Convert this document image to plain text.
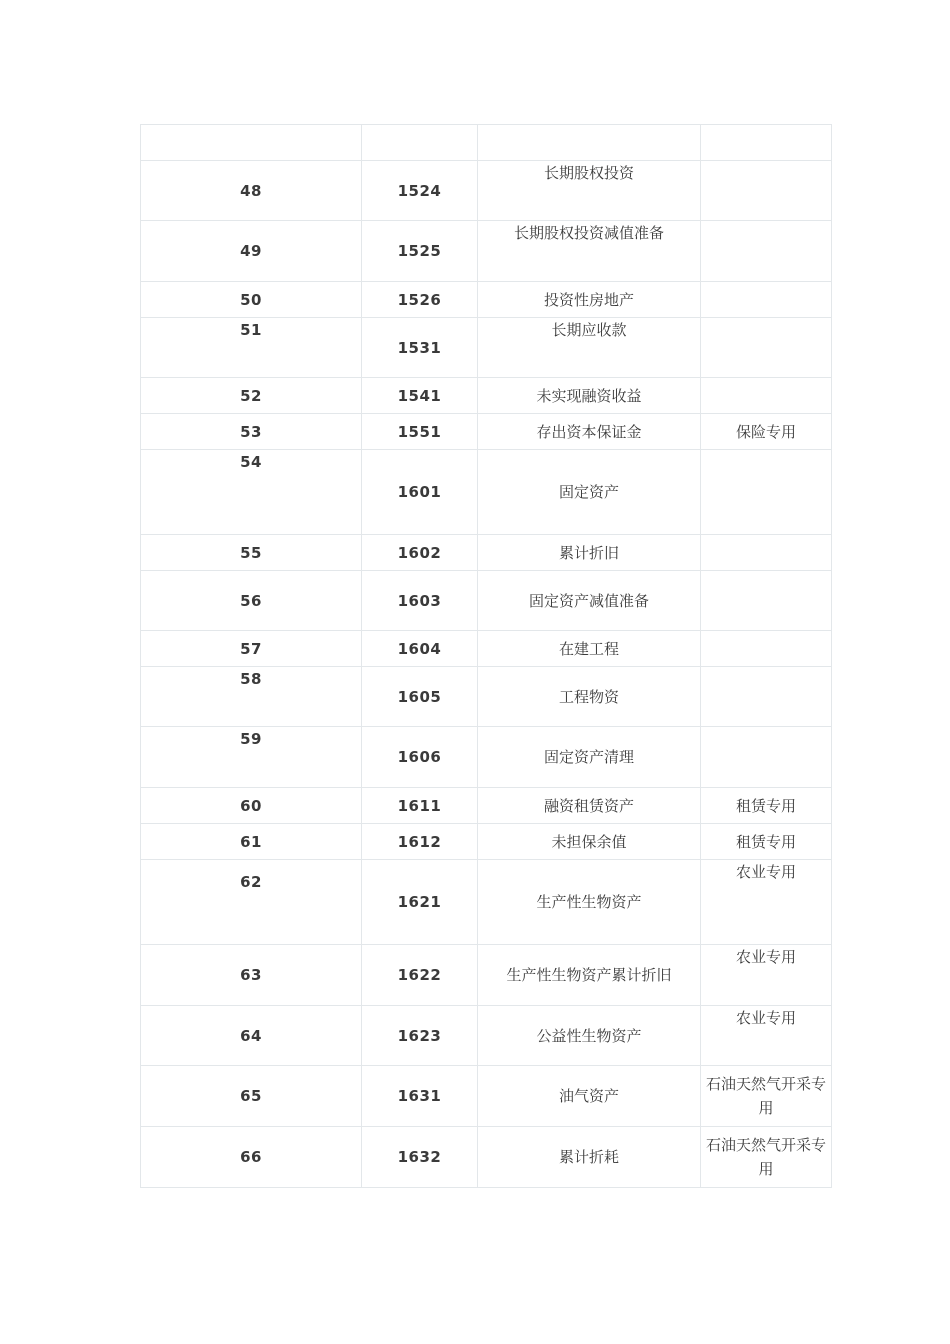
48	1524	长期股权投资	
49	1525	长期股权投资减值准备	
50	1526	投资性房地产	
51	1531	长期应收款	
52	1541	未实现融资收益	
53	1551	存出资本保证金	保险专用
54	1601	固定资产	
55	1602	累计折旧	
56	1603	固定资产减值准备	
57	1604	在建工程	
58	1605	工程物资	
59	1606	固定资产清理	
60	1611	融资租赁资产	租赁专用
61	1612	未担保余值	租赁专用

62	1621	生产性生物资产	农业专用
63	1622	生产性生物资产累计折旧	农业专用
64	1623	公益性生物资产	农业专用
65	1631	油气资产	石油天然气开采专用
66	1632	累计折耗	石油天然气开采专用
